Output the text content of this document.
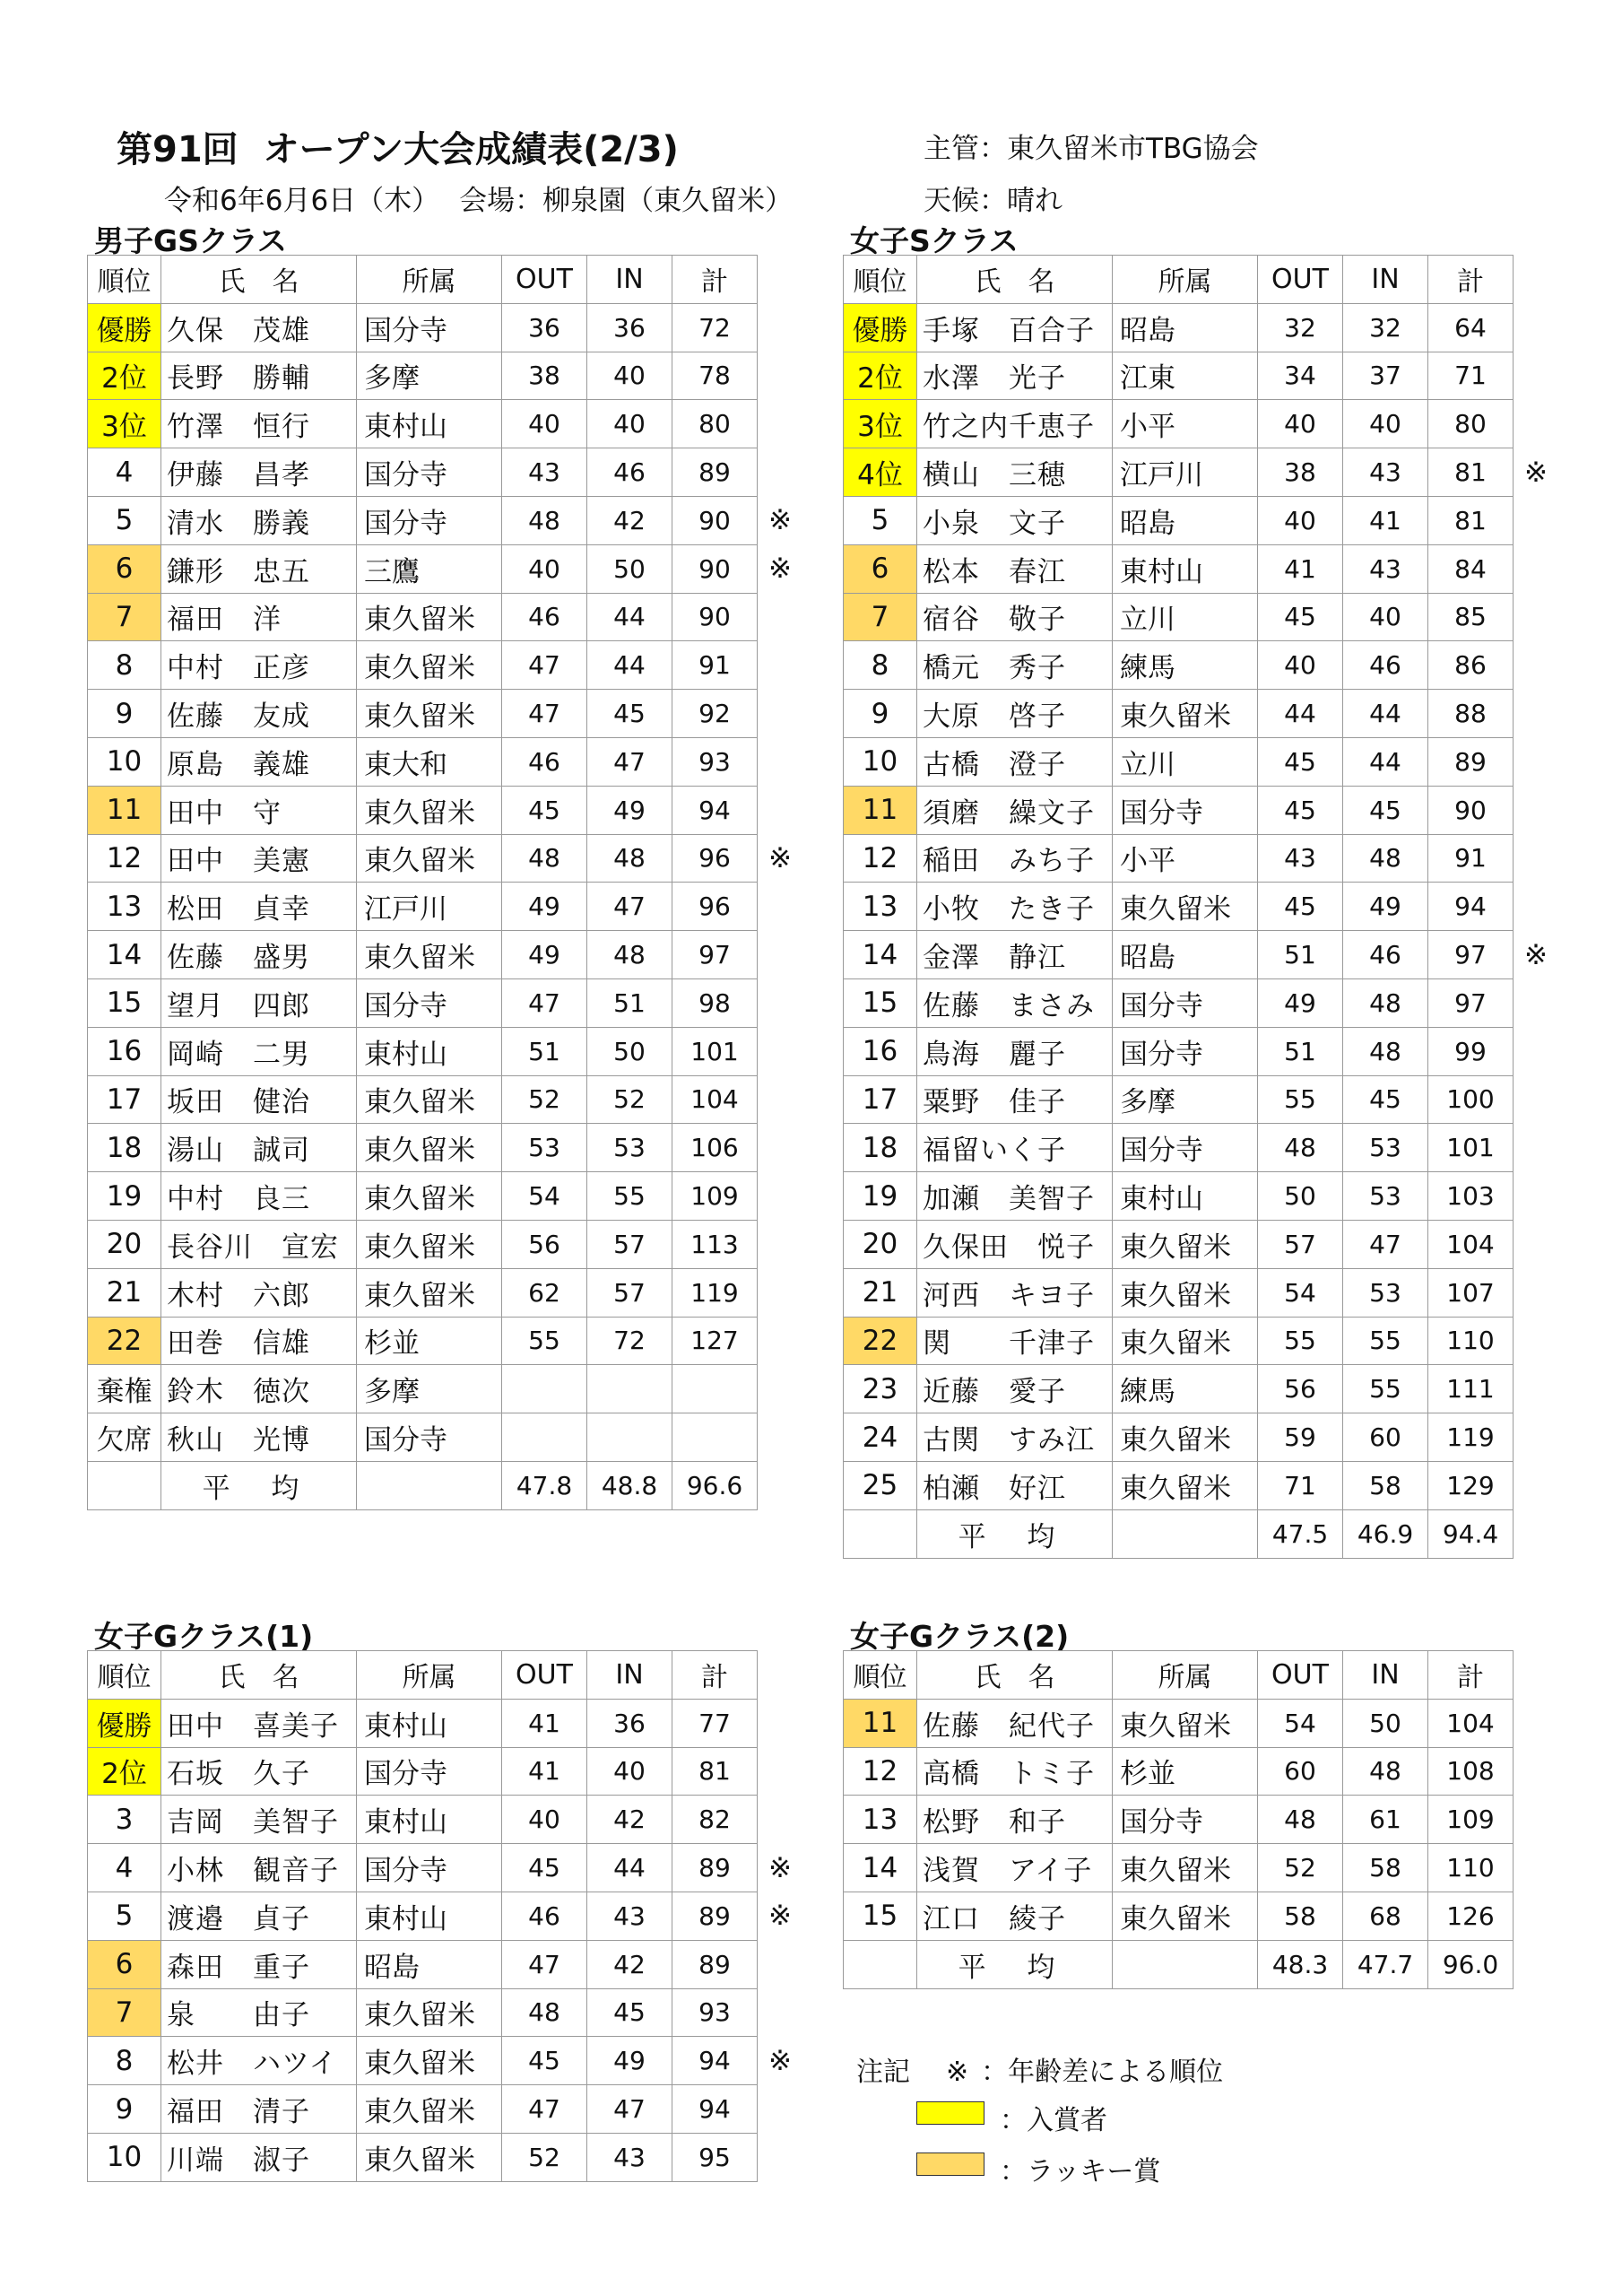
第91回 オープン大会成績表(2/3)	主管：東久留米市TBG協会
令和6年6月6日（木） 会場：柳泉園（東久留米）	天候：晴れ
男子GSクラス	女子Sクラス
女子Gクラス(1)	女子Gクラス(2)
順位	氏　名	所属	OUT	IN	計	
優勝	久保　茂雄	国分寺	36	36	72	
2位	長野　勝輔	多摩	38	40	78	
3位	竹澤　恒行	東村山	40	40	80	
4	伊藤　昌孝	国分寺	43	46	89	
5	清水　勝義	国分寺	48	42	90	※
6	鎌形　忠五	三鷹	40	50	90	※
7	福田　洋	東久留米	46	44	90	
8	中村　正彦	東久留米	47	44	91	
9	佐藤　友成	東久留米	47	45	92	
10	原島　義雄	東大和	46	47	93	
11	田中　守	東久留米	45	49	94	
12	田中　美憲	東久留米	48	48	96	※
13	松田　貞幸	江戸川	49	47	96	
14	佐藤　盛男	東久留米	49	48	97	
15	望月　四郎	国分寺	47	51	98	
16	岡崎　二男	東村山	51	50	101	
17	坂田　健治	東久留米	52	52	104	
18	湯山　誠司	東久留米	53	53	106	
19	中村　良三	東久留米	54	55	109	
20	長谷川　宣宏	東久留米	56	57	113	
21	木村　六郎	東久留米	62	57	119	
22	田巻　信雄	杉並	55	72	127	
棄権	鈴木　徳次	多摩				
欠席	秋山　光博	国分寺				
	平 均		47.8	48.8	96.6	
順位	氏　名	所属	OUT	IN	計	
優勝	手塚　百合子	昭島	32	32	64	
2位	水澤　光子	江東	34	37	71	
3位	竹之内千恵子	小平	40	40	80	
4位	横山　三穂	江戸川	38	43	81	※
5	小泉　文子	昭島	40	41	81	
6	松本　春江	東村山	41	43	84	
7	宿谷　敬子	立川	45	40	85	
8	橋元　秀子	練馬	40	46	86	
9	大原　啓子	東久留米	44	44	88	
10	古橋　澄子	立川	45	44	89	
11	須磨　繰文子	国分寺	45	45	90	
12	稲田　みち子	小平	43	48	91	
13	小牧　たき子	東久留米	45	49	94	
14	金澤　静江	昭島	51	46	97	※
15	佐藤　まさみ	国分寺	49	48	97	
16	鳥海　麗子	国分寺	51	48	99	
17	粟野　佳子	多摩	55	45	100	
18	福留いく子	国分寺	48	53	101	
19	加瀬　美智子	東村山	50	53	103	
20	久保田　悦子	東久留米	57	47	104	
21	河西　キヨ子	東久留米	54	53	107	
22	関　　千津子	東久留米	55	55	110	
23	近藤　愛子	練馬	56	55	111	
24	古関　すみ江	東久留米	59	60	119	
25	柏瀬　好江	東久留米	71	58	129	
	平 均		47.5	46.9	94.4	
順位	氏　名	所属	OUT	IN	計	
優勝	田中　喜美子	東村山	41	36	77	
2位	石坂　久子	国分寺	41	40	81	
3	吉岡　美智子	東村山	40	42	82	
4	小林　観音子	国分寺	45	44	89	※
5	渡邉　貞子	東村山	46	43	89	※
6	森田　重子	昭島	47	42	89	
7	泉　　由子	東久留米	48	45	93	
8	松井　ハツイ	東久留米	45	49	94	※
9	福田　清子	東久留米	47	47	94	
10	川端　淑子	東久留米	52	43	95	
順位	氏　名	所属	OUT	IN	計	
11	佐藤　紀代子	東久留米	54	50	104	
12	高橋　トミ子	杉並	60	48	108	
13	松野　和子	国分寺	48	61	109	
14	浅賀　アイ子	東久留米	52	58	110	
15	江口　綾子	東久留米	58	68	126	
	平 均		48.3	47.7	96.0	
注記 ※ ：年齢差による順位
：入賞者
：ラッキー賞
